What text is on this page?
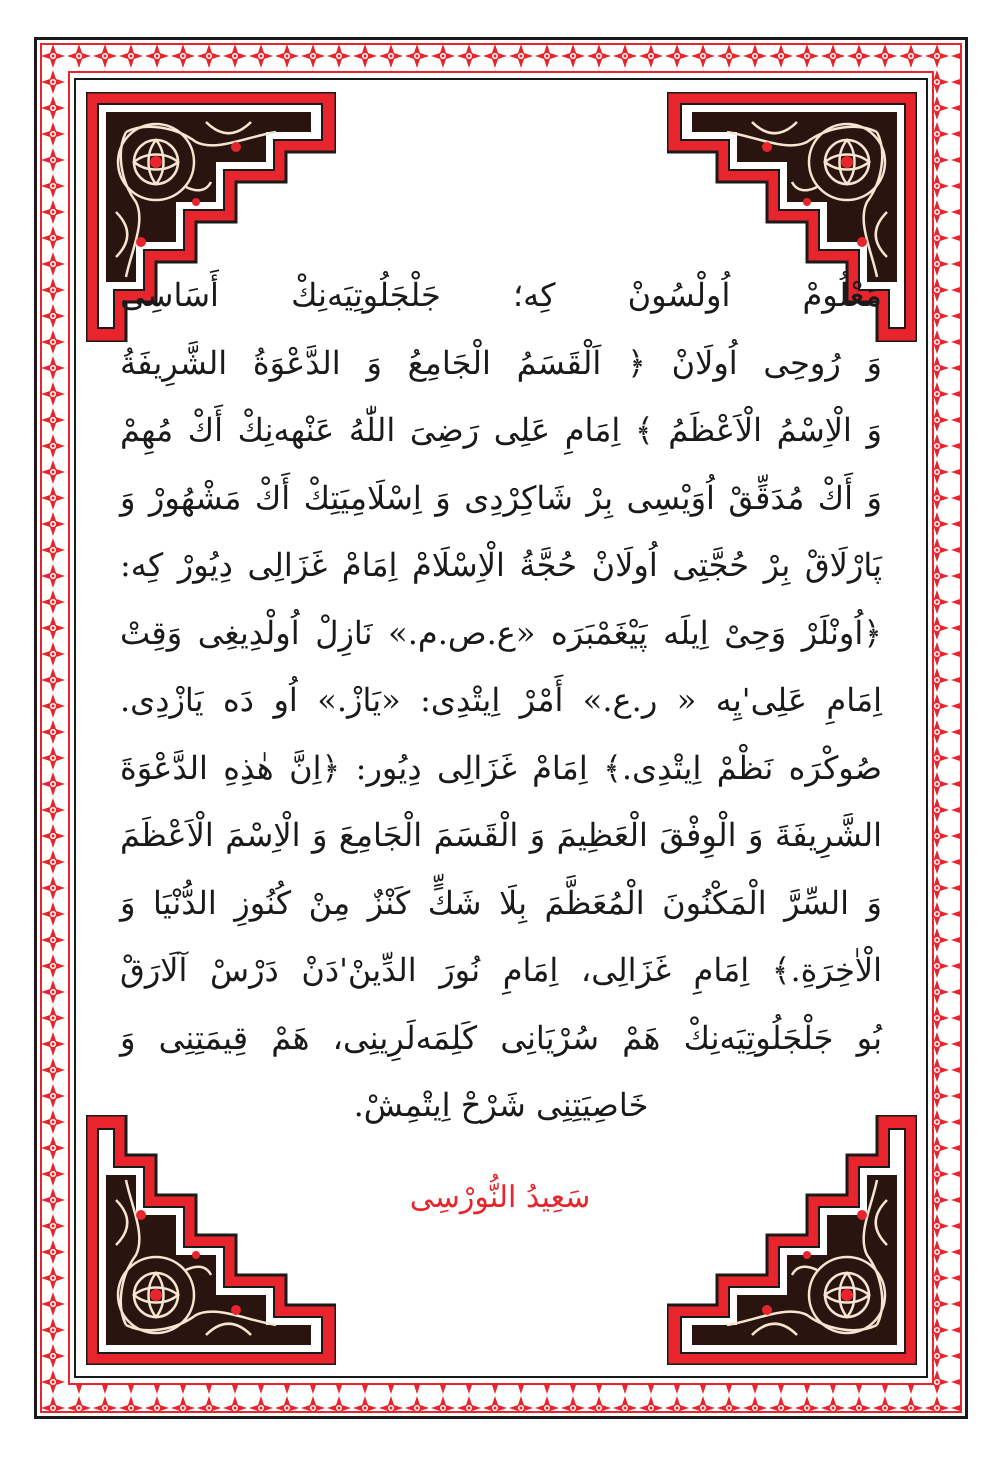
مَعْلُومْ اُولْسُونْ كِه؛ جَلْجَلُوتِيَه‌نِكْ أَسَاسِى
وَ رُوحِى اُولَانْ ﴿ اَلْقَسَمُ الْجَامِعُ وَ الدَّعْوَةُ الشَّرِيفَةُ
وَ الْاِسْمُ الْاَعْظَمُ ﴾ اِمَامِ عَلِى رَضِىَ اللّٰهُ عَنْهه‌نِكْ أَكْ مُهِمْ
وَ أَكْ مُدَقِّقْ اُوَيْسِى بِرْ شَاكِرْدِى وَ اِسْلَامِيَتِكْ أَكْ مَشْهُورْ وَ
پَارْلَاقْ بِرْ حُجَّتِى اُولَانْ حُجَّةُ الْاِسْلَامْ اِمَامْ غَزَالِى دِيُورْ كِه:
﴿اُونْلَرْ وَحِىْ اِيلَه پَيْغَمْبَرَه «ع.ص.م.» نَازِلْ اُولْدِيغِى وَقِتْ
اِمَامِ عَلِى'يِه « ر.ع.» أَمْرْ اِيتْدِى: «يَازْ.» اُو دَه يَازْدِى.
صُوكْرَه نَظْمْ اِيتْدِى.﴾ اِمَامْ غَزَالِى دِيُور: ﴿اِنَّ هٰذِهِ الدَّعْوَةَ
الشَّرِيفَةَ وَ الْوِفْقَ الْعَظِيمَ وَ الْقَسَمَ الْجَامِعَ وَ الْاِسْمَ الْاَعْظَمَ
وَ السِّرَّ الْمَكْنُونَ الْمُعَظَّمَ بِلَا شَكٍّ كَنْزٌ مِنْ كُنُوزِ الدُّنْيَا وَ
الْاٰخِرَةِ.﴾ اِمَامِ غَزَالِى، اِمَامِ نُورَ الدِّينْ'دَنْ دَرْسْ آلَارَقْ
بُو جَلْجَلُوتِيَه‌نِكْ هَمْ سُرْيَانِى كَلِمَه‌لَرِينِى، هَمْ قِيمَتِنِى وَ
خَاصِيَتِنِى شَرْحْ اِيتْمِشْ.
سَعِيدُ النُّورْسِى
